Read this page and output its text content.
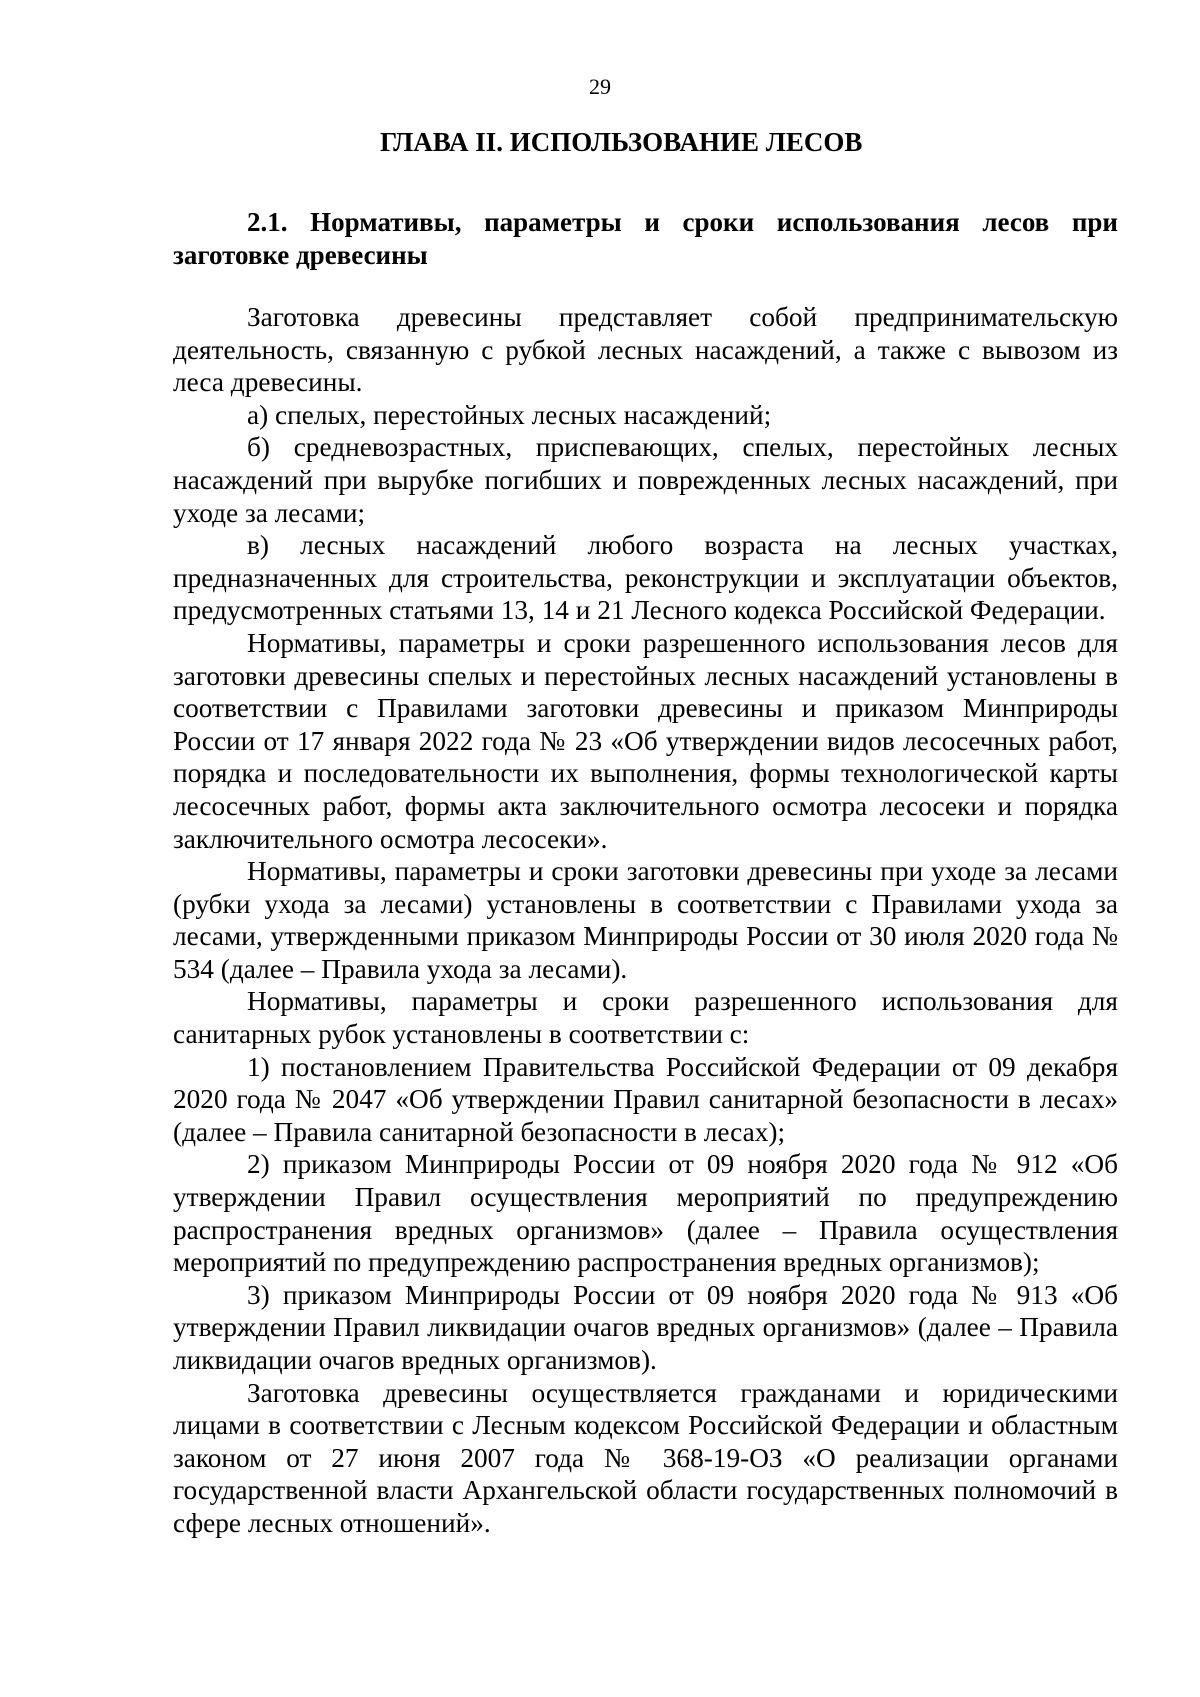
29

ГЛАВА II. ИСПОЛЬЗОВАНИЕ ЛЕСОВ
2.1. Нормативы, параметры и сроки использования лесов при заготовке древесины

Заготовка древесины представляет собой предпринимательскую деятельность, связанную с рубкой лесных насаждений, а также с вывозом из леса древесины.

а) спелых, перестойных лесных насаждений;

б) средневозрастных, приспевающих, спелых, перестойных лесных насаждений при вырубке погибших и поврежденных лесных насаждений, при уходе за лесами;

в) лесных насаждений любого возраста на лесных участках, предназначенных для строительства, реконструкции и эксплуатации объектов, предусмотренных статьями 13, 14 и 21 Лесного кодекса Российской Федерации.

Нормативы, параметры и сроки разрешенного использования лесов для заготовки древесины спелых и перестойных лесных насаждений установлены в соответствии с Правилами заготовки древесины и приказом Минприроды России от 17 января 2022 года № 23 «Об утверждении видов лесосечных работ, порядка и последовательности их выполнения, формы технологической карты лесосечных работ, формы акта заключительного осмотра лесосеки и порядка заключительного осмотра лесосеки».

Нормативы, параметры и сроки заготовки древесины при уходе за лесами (рубки ухода за лесами) установлены в соответствии с Правилами ухода за лесами, утвержденными приказом Минприроды России от 30 июля 2020 года № 534 (далее – Правила ухода за лесами).

Нормативы, параметры и сроки разрешенного использования для санитарных рубок установлены в соответствии с:

1) постановлением Правительства Российской Федерации от 09 декабря 2020 года № 2047 «Об утверждении Правил санитарной безопасности в лесах» (далее – Правила санитарной безопасности в лесах);

2) приказом Минприроды России от 09 ноября 2020 года № 912 «Об утверждении Правил осуществления мероприятий по предупреждению распространения вредных организмов» (далее – Правила осуществления мероприятий по предупреждению распространения вредных организмов);

3) приказом Минприроды России от 09 ноября 2020 года № 913 «Об утверждении Правил ликвидации очагов вредных организмов» (далее – Правила ликвидации очагов вредных организмов).

Заготовка древесины осуществляется гражданами и юридическими лицами в соответствии с Лесным кодексом Российской Федерации и областным законом от 27 июня 2007 года № 368-19-ОЗ «О реализации органами государственной власти Архангельской области государственных полномочий в сфере лесных отношений».
